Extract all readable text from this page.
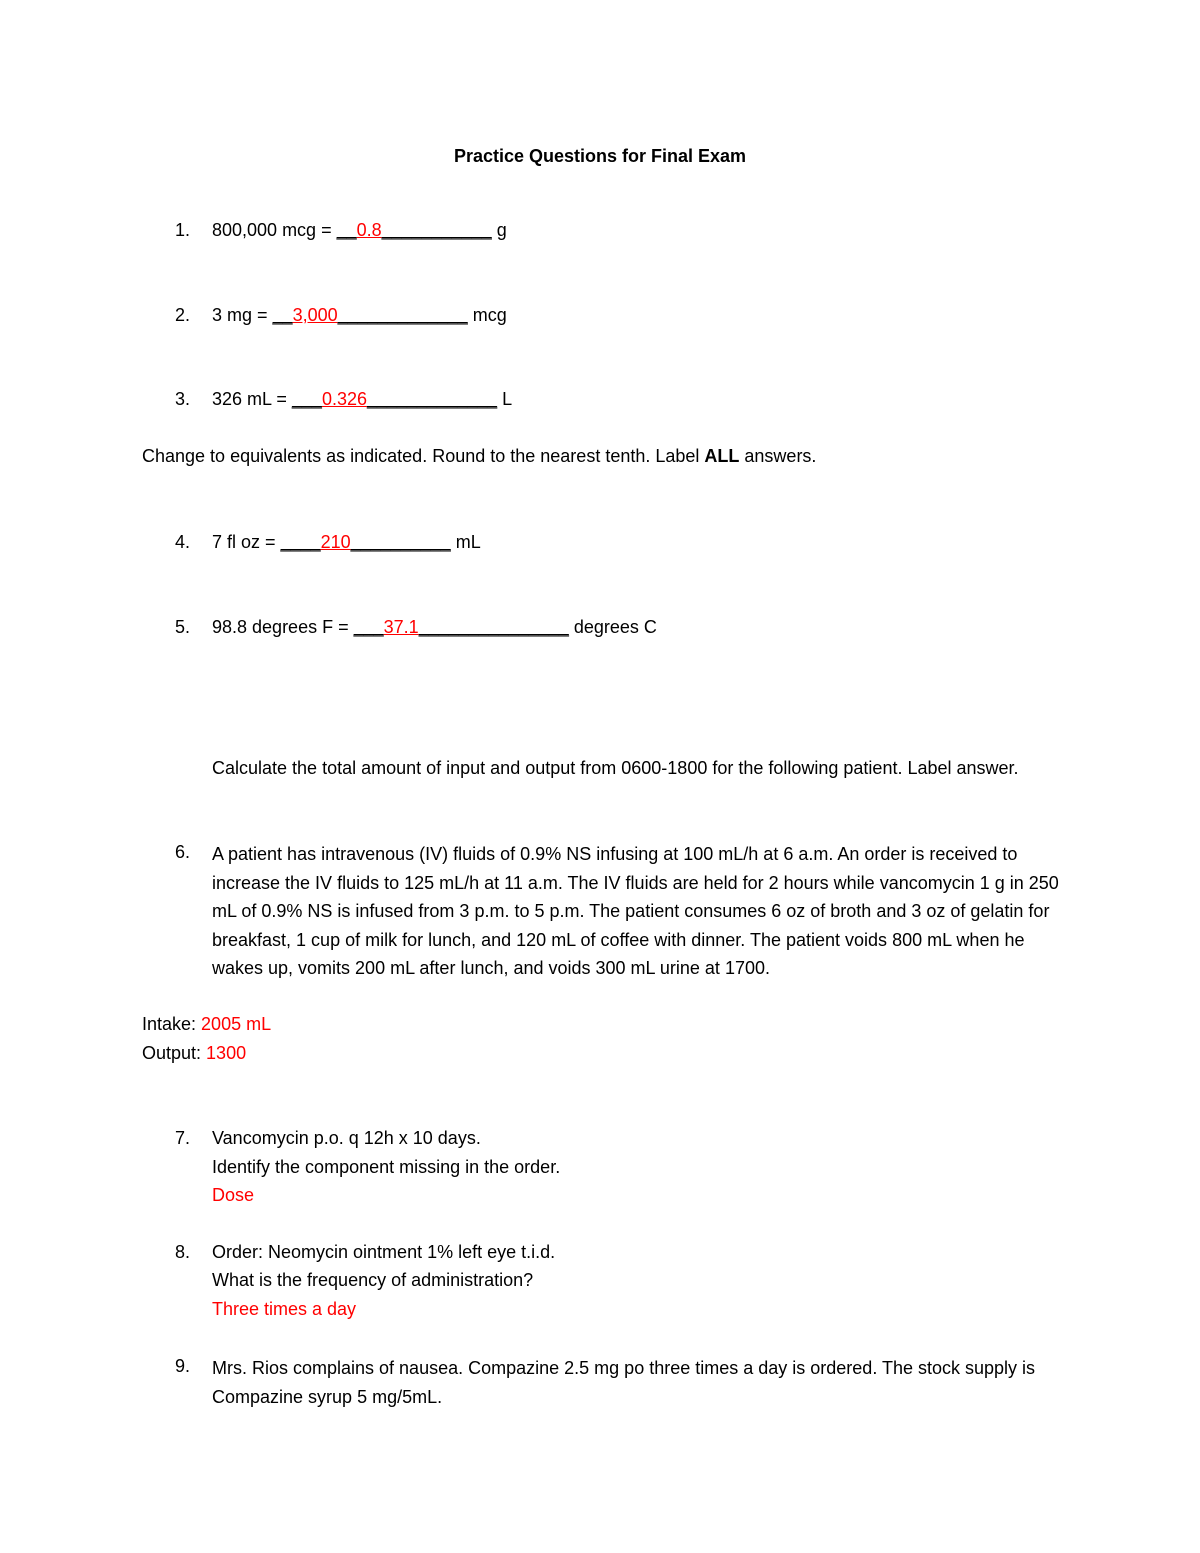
Practice Questions for Final Exam
1. 800,000 mcg = __0.8___________ g
2. 3 mg = __3,000_____________ mcg
3. 326 mL = ___0.326_____________ L
Change to equivalents as indicated. Round to the nearest tenth. Label ALL answers.
4. 7 fl oz = ____210__________ mL
5. 98.8 degrees F = ___37.1_______________ degrees C
Calculate the total amount of input and output from 0600-1800 for the following patient. Label answer.
6. A patient has intravenous (IV) fluids of 0.9% NS infusing at 100 mL/h at 6 a.m. An order is received to increase the IV fluids to 125 mL/h at 11 a.m. The IV fluids are held for 2 hours while vancomycin 1 g in 250 mL of 0.9% NS is infused from 3 p.m. to 5 p.m. The patient consumes 6 oz of broth and 3 oz of gelatin for breakfast, 1 cup of milk for lunch, and 120 mL of coffee with dinner. The patient voids 800 mL when he wakes up, vomits 200 mL after lunch, and voids 300 mL urine at 1700.
Intake: 2005 mL
Output: 1300
7. Vancomycin p.o. q 12h x 10 days.
Identify the component missing in the order.
Dose
8. Order: Neomycin ointment 1% left eye t.i.d.
What is the frequency of administration?
Three times a day
9. Mrs. Rios complains of nausea. Compazine 2.5 mg po three times a day is ordered. The stock supply is Compazine syrup 5 mg/5mL.
